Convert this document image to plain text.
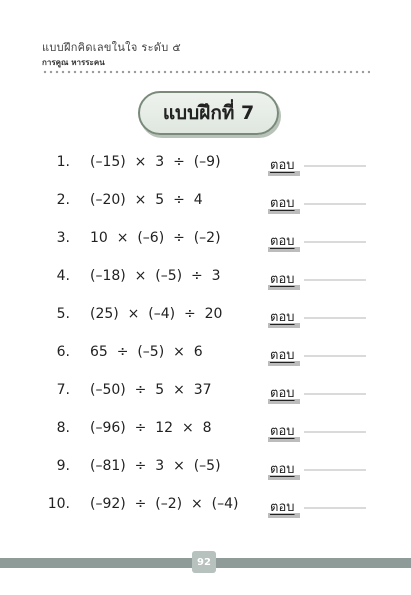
แบบฝึกคิดเลขในใจ ระดับ ๕
การคูณ หารระคน
แบบฝึกที่ 7
1. (–15)  ×  3  ÷  (–9)	ตอบ
2. (–20)  ×  5  ÷  4	ตอบ
3. 10  ×  (–6)  ÷  (–2)	ตอบ
4. (–18)  ×  (–5)  ÷  3	ตอบ
5. (25)  ×  (–4)  ÷  20	ตอบ
6. 65  ÷  (–5)  ×  6	ตอบ
7. (–50)  ÷  5  ×  37	ตอบ
8. (–96)  ÷  12  ×  8	ตอบ
9. (–81)  ÷  3  ×  (–5)	ตอบ
10. (–92)  ÷  (–2)  ×  (–4) ตอบ
92
